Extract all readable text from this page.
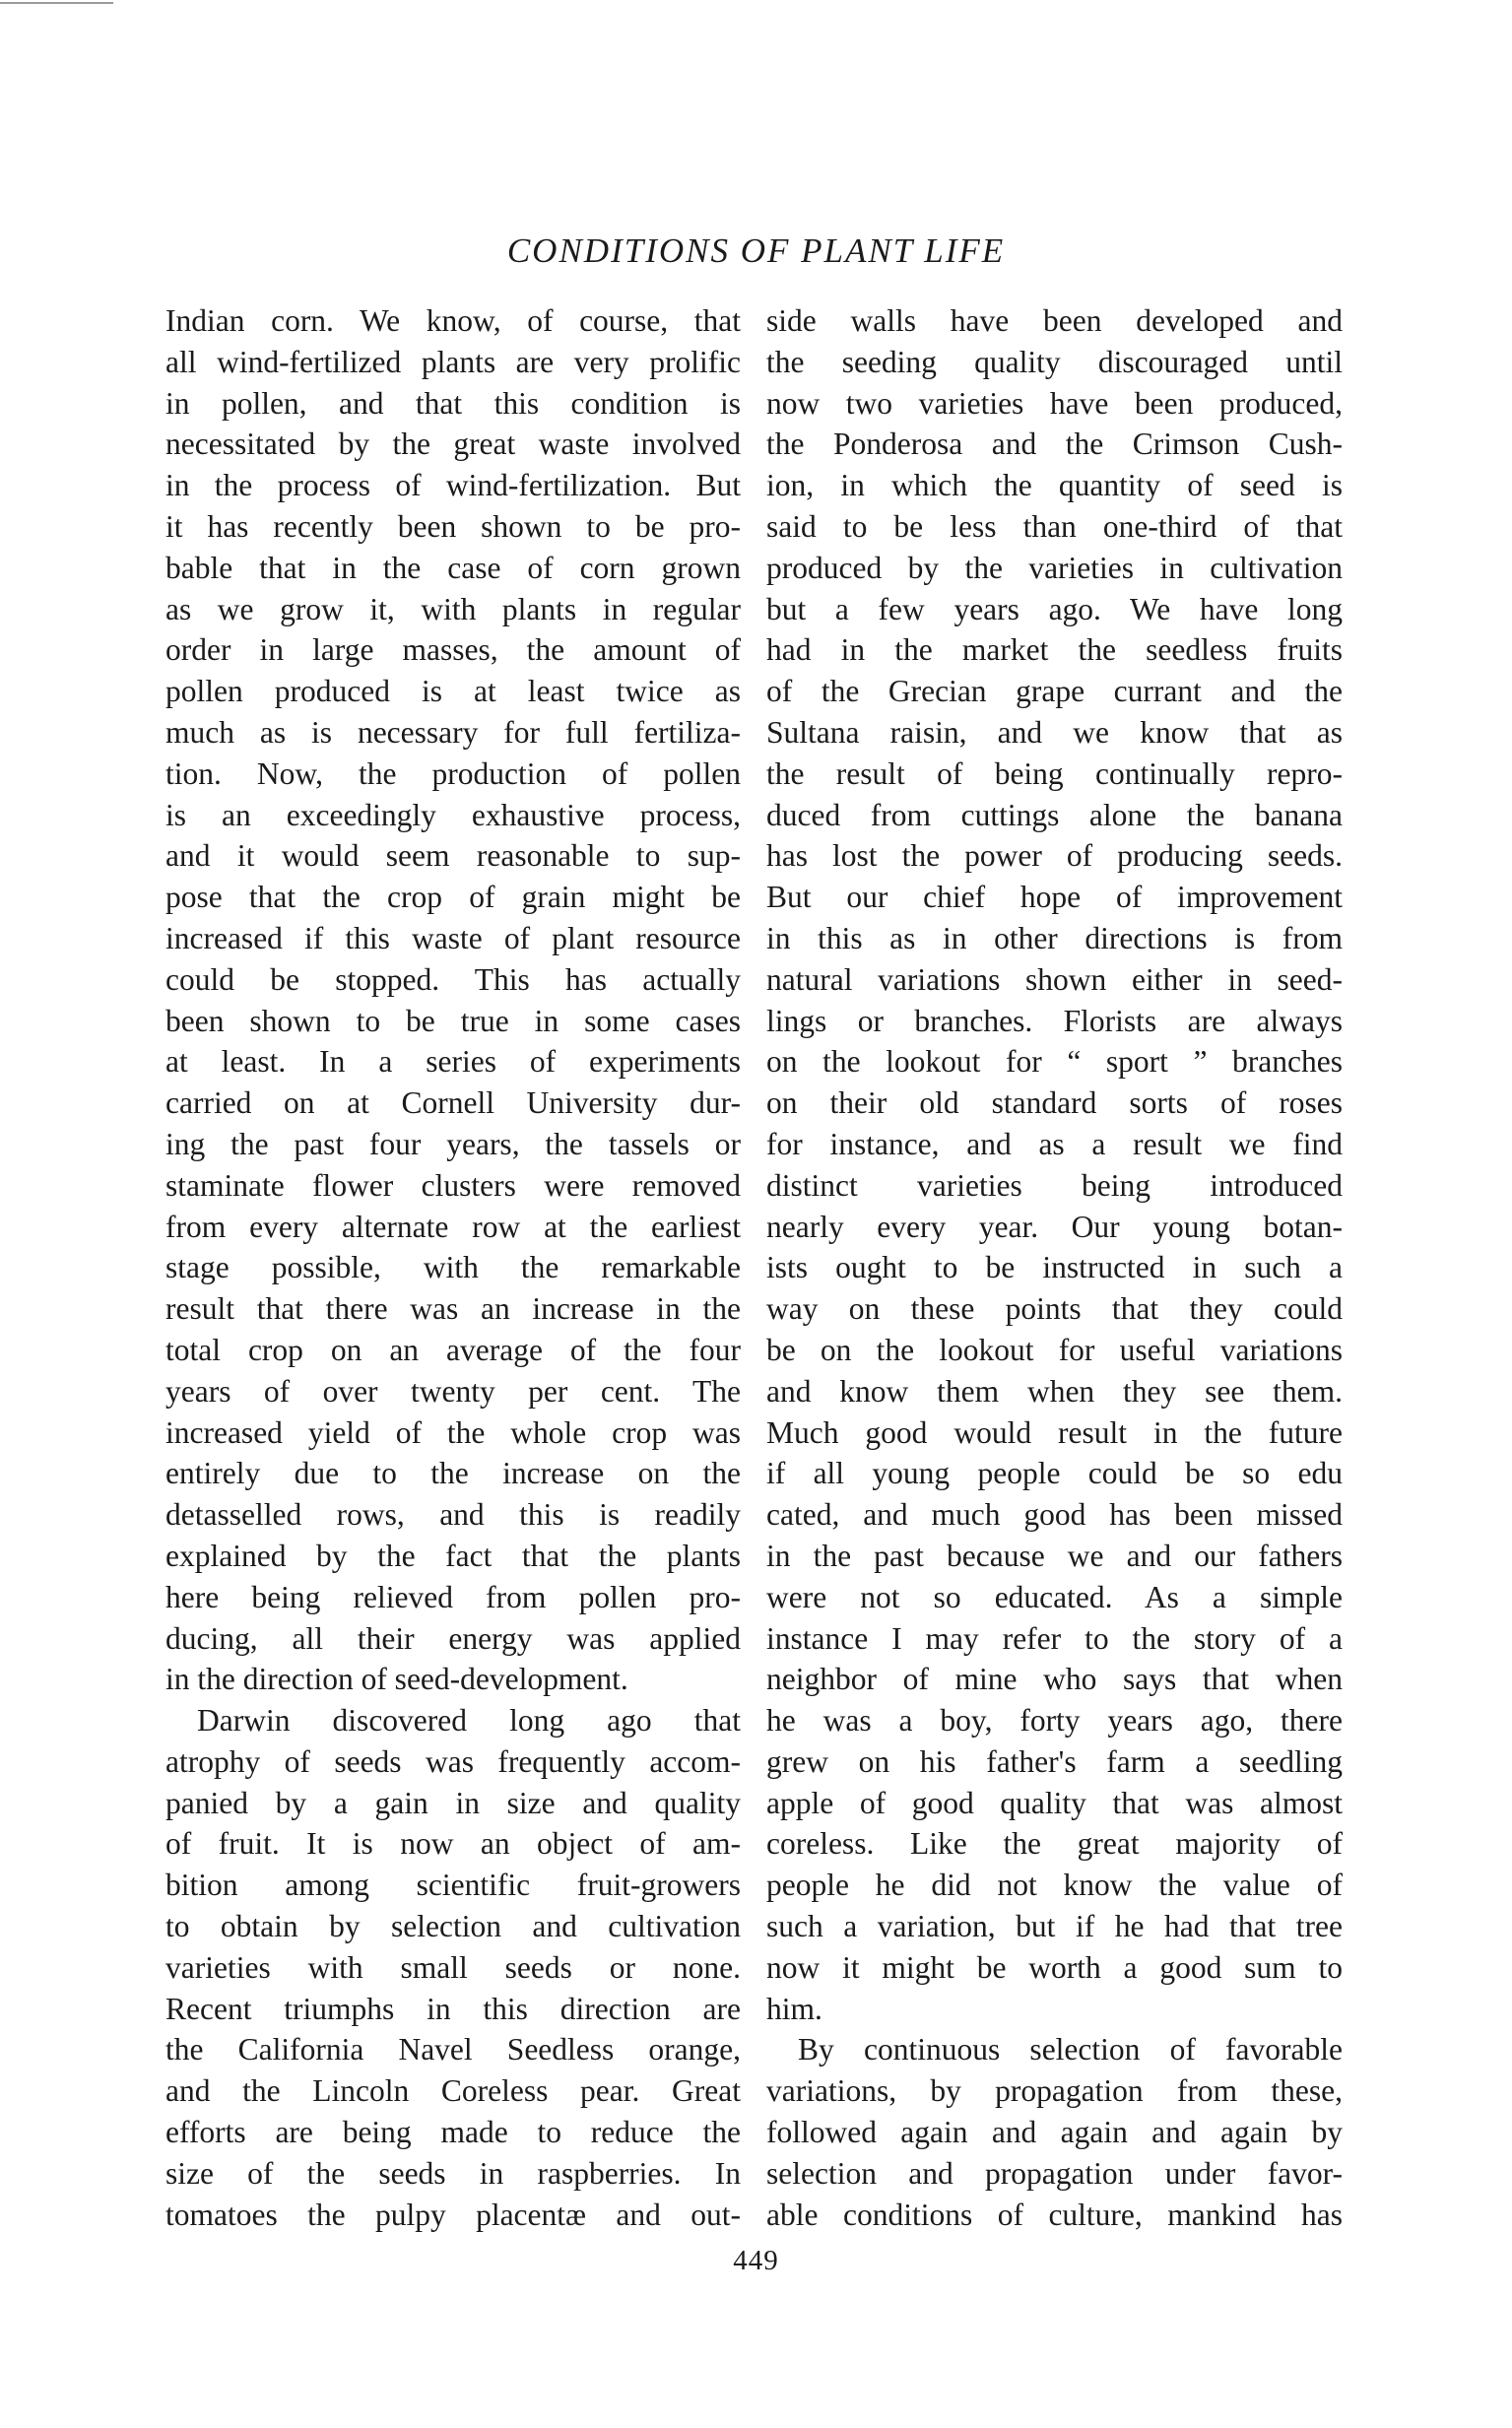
CONDITIONS OF PLANT LIFE
Indian corn. We know, of course, that
all wind-fertilized plants are very prolific
in pollen, and that this condition is
necessitated by the great waste involved
in the process of wind-fertilization. But
it has recently been shown to be pro-
bable that in the case of corn grown
as we grow it, with plants in regular
order in large masses, the amount of
pollen produced is at least twice as
much as is necessary for full fertiliza-
tion. Now, the production of pollen
is an exceedingly exhaustive process,
and it would seem reasonable to sup-
pose that the crop of grain might be
increased if this waste of plant resource
could be stopped. This has actually
been shown to be true in some cases
at least. In a series of experiments
carried on at Cornell University dur-
ing the past four years, the tassels or
staminate flower clusters were removed
from every alternate row at the earliest
stage possible, with the remarkable
result that there was an increase in the
total crop on an average of the four
years of over twenty per cent. The
increased yield of the whole crop was
entirely due to the increase on the
detasselled rows, and this is readily
explained by the fact that the plants
here being relieved from pollen pro-
ducing, all their energy was applied
in the direction of seed-development.
Darwin discovered long ago that
atrophy of seeds was frequently accom-
panied by a gain in size and quality
of fruit. It is now an object of am-
bition among scientific fruit-growers
to obtain by selection and cultivation
varieties with small seeds or none.
Recent triumphs in this direction are
the California Navel Seedless orange,
and the Lincoln Coreless pear. Great
efforts are being made to reduce the
size of the seeds in raspberries. In
tomatoes the pulpy placentæ and out-
side walls have been developed and
the seeding quality discouraged until
now two varieties have been produced,
the Ponderosa and the Crimson Cush-
ion, in which the quantity of seed is
said to be less than one-third of that
produced by the varieties in cultivation
but a few years ago. We have long
had in the market the seedless fruits
of the Grecian grape currant and the
Sultana raisin, and we know that as
the result of being continually repro-
duced from cuttings alone the banana
has lost the power of producing seeds.
But our chief hope of improvement
in this as in other directions is from
natural variations shown either in seed-
lings or branches. Florists are always
on the lookout for “ sport ” branches
on their old standard sorts of roses
for instance, and as a result we find
distinct varieties being introduced
nearly every year. Our young botan-
ists ought to be instructed in such a
way on these points that they could
be on the lookout for useful variations
and know them when they see them.
Much good would result in the future
if all young people could be so edu
cated, and much good has been missed
in the past because we and our fathers
were not so educated. As a simple
instance I may refer to the story of a
neighbor of mine who says that when
he was a boy, forty years ago, there
grew on his father's farm a seedling
apple of good quality that was almost
coreless. Like the great majority of
people he did not know the value of
such a variation, but if he had that tree
now it might be worth a good sum to
him.
By continuous selection of favorable
variations, by propagation from these,
followed again and again and again by
selection and propagation under favor-
able conditions of culture, mankind has
449
